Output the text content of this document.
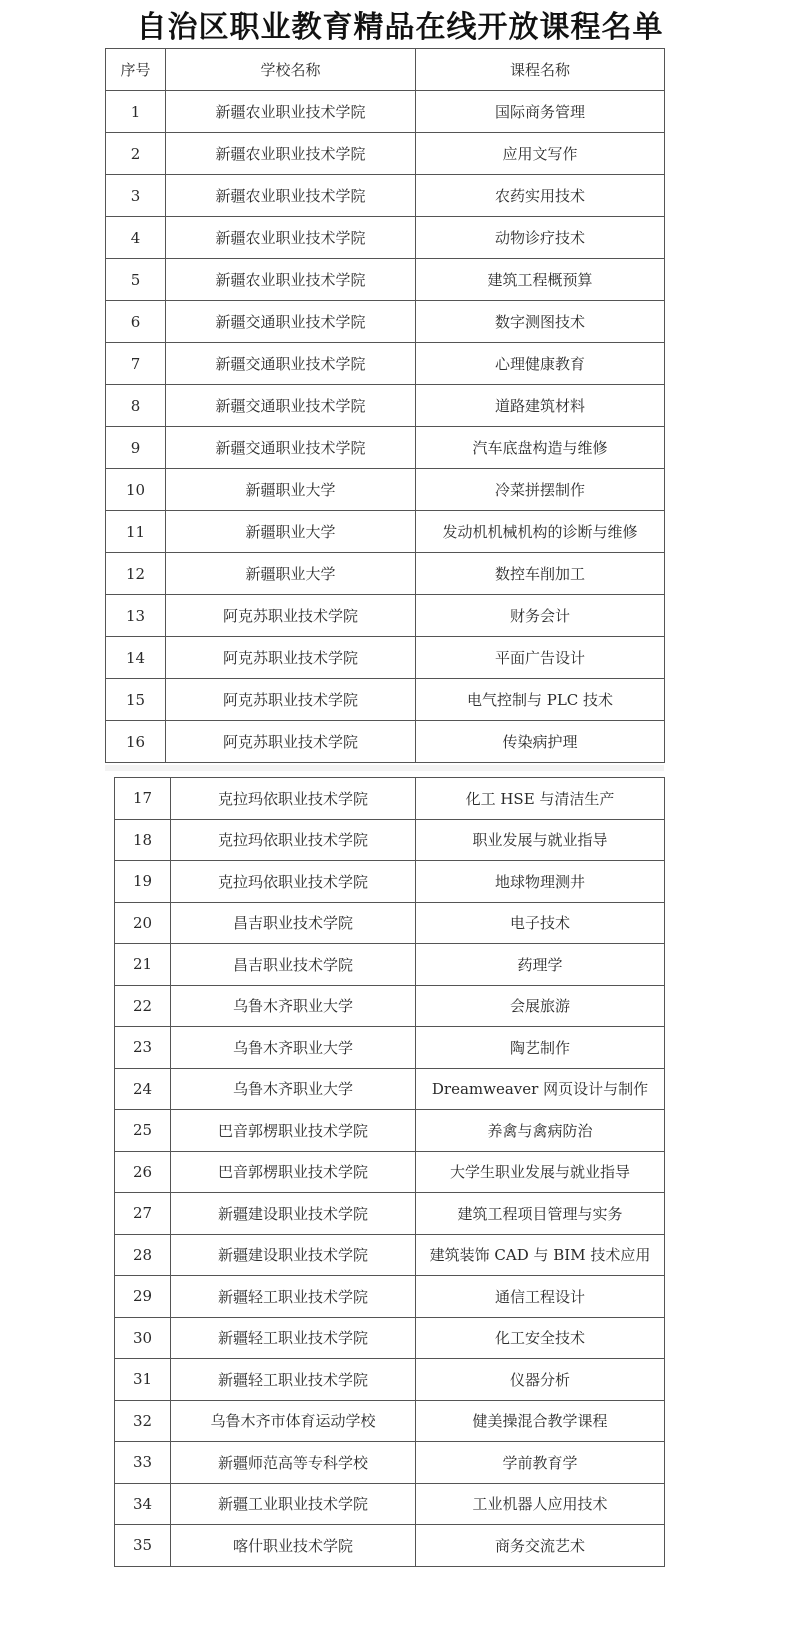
自治区职业教育精品在线开放课程名单
序号	学校名称	课程名称
1	新疆农业职业技术学院	国际商务管理
2	新疆农业职业技术学院	应用文写作
3	新疆农业职业技术学院	农药实用技术
4	新疆农业职业技术学院	动物诊疗技术
5	新疆农业职业技术学院	建筑工程概预算
6	新疆交通职业技术学院	数字测图技术
7	新疆交通职业技术学院	心理健康教育
8	新疆交通职业技术学院	道路建筑材料
9	新疆交通职业技术学院	汽车底盘构造与维修
10	新疆职业大学	冷菜拼摆制作
11	新疆职业大学	发动机机械机构的诊断与维修
12	新疆职业大学	数控车削加工
13	阿克苏职业技术学院	财务会计
14	阿克苏职业技术学院	平面广告设计
15	阿克苏职业技术学院	电气控制与 PLC 技术
16	阿克苏职业技术学院	传染病护理
17	克拉玛依职业技术学院	化工 HSE 与清洁生产
18	克拉玛依职业技术学院	职业发展与就业指导
19	克拉玛依职业技术学院	地球物理测井
20	昌吉职业技术学院	电子技术
21	昌吉职业技术学院	药理学
22	乌鲁木齐职业大学	会展旅游
23	乌鲁木齐职业大学	陶艺制作
24	乌鲁木齐职业大学	Dreamweaver 网页设计与制作
25	巴音郭楞职业技术学院	养禽与禽病防治
26	巴音郭楞职业技术学院	大学生职业发展与就业指导
27	新疆建设职业技术学院	建筑工程项目管理与实务
28	新疆建设职业技术学院	建筑装饰 CAD 与 BIM 技术应用
29	新疆轻工职业技术学院	通信工程设计
30	新疆轻工职业技术学院	化工安全技术
31	新疆轻工职业技术学院	仪器分析
32	乌鲁木齐市体育运动学校	健美操混合教学课程
33	新疆师范高等专科学校	学前教育学
34	新疆工业职业技术学院	工业机器人应用技术
35	喀什职业技术学院	商务交流艺术
